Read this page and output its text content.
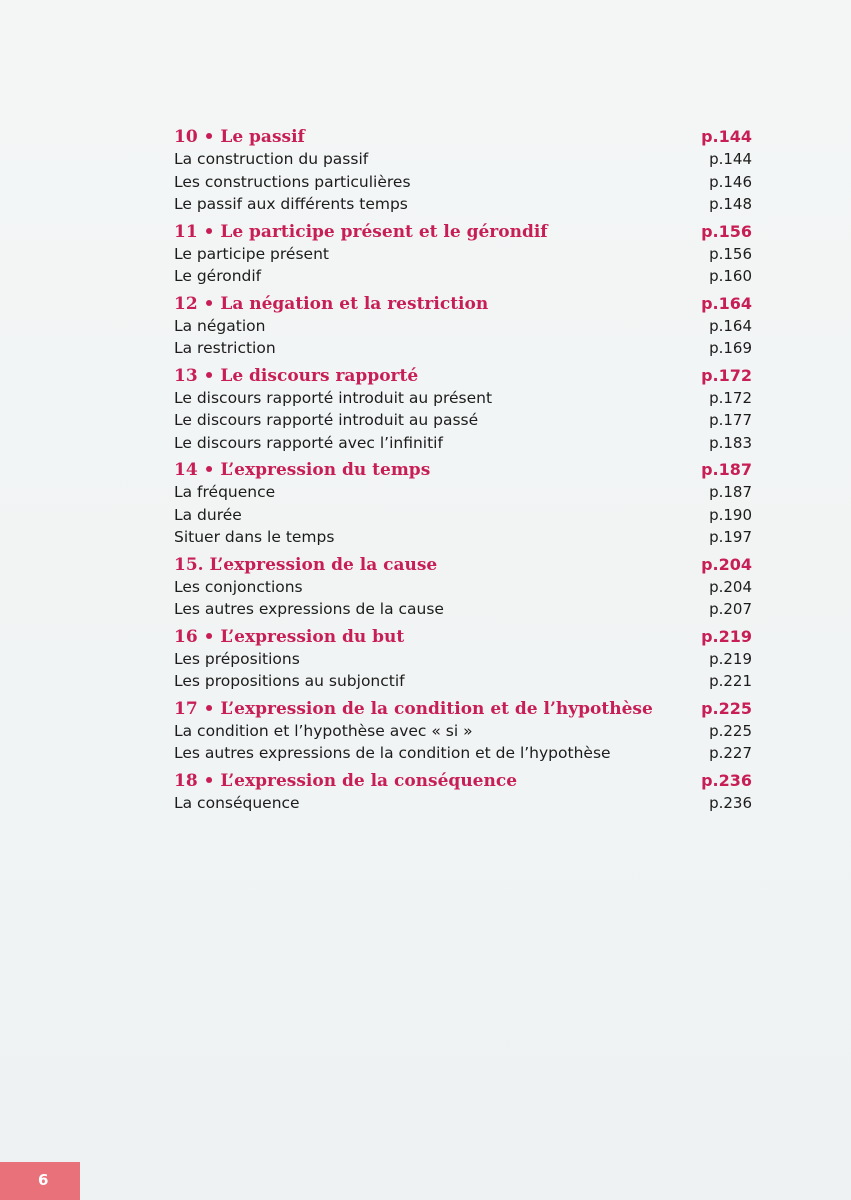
10 • Le passif	p.144
La construction du passif	p.144
Les constructions particulières	p.146
Le passif aux différents temps	p.148
11 • Le participe présent et le gérondif	p.156
Le participe présent	p.156
Le gérondif	p.160
12 • La négation et la restriction	p.164
La négation	p.164
La restriction	p.169
13 • Le discours rapporté	p.172
Le discours rapporté introduit au présent	p.172
Le discours rapporté introduit au passé	p.177
Le discours rapporté avec l’infinitif	p.183
14 • L’expression du temps	p.187
La fréquence	p.187
La durée	p.190
Situer dans le temps	p.197
15. L’expression de la cause	p.204
Les conjonctions	p.204
Les autres expressions de la cause	p.207
16 • L’expression du but	p.219
Les prépositions	p.219
Les propositions au subjonctif	p.221
17 • L’expression de la condition et de l’hypothèse	p.225
La condition et l’hypothèse avec « si »	p.225
Les autres expressions de la condition et de l’hypothèse	p.227
18 • L’expression de la conséquence	p.236
La conséquence	p.236
6
